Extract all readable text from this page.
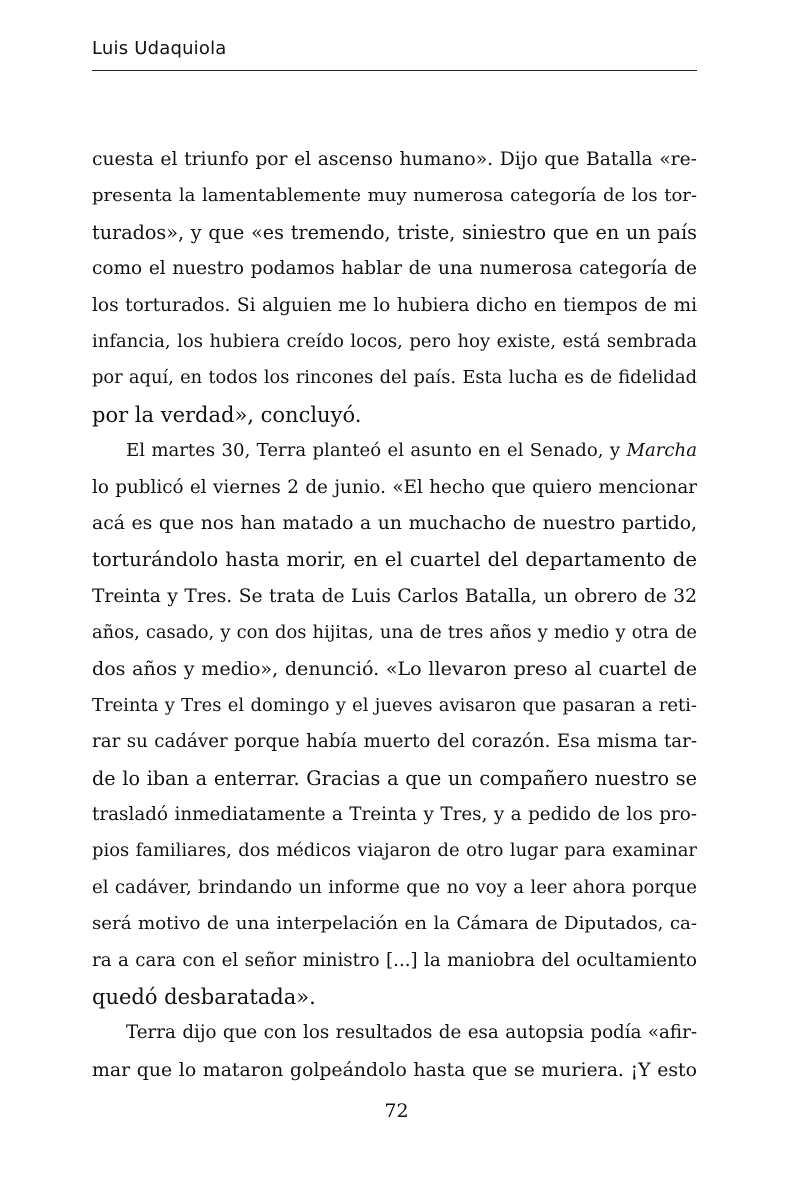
Luis Udaquiola
cuesta el triunfo por el ascenso humano». Dijo que Batalla «re-
presenta la lamentablemente muy numerosa categoría de los tor-
turados», y que «es tremendo, triste, siniestro que en un país
como el nuestro podamos hablar de una numerosa categoría de
los torturados. Si alguien me lo hubiera dicho en tiempos de mi
infancia, los hubiera creído locos, pero hoy existe, está sembrada
por aquí, en todos los rincones del país. Esta lucha es de fidelidad
por la verdad», concluyó.
El martes 30, Terra planteó el asunto en el Senado, y Marcha
lo publicó el viernes 2 de junio. «El hecho que quiero mencionar
acá es que nos han matado a un muchacho de nuestro partido,
torturándolo hasta morir, en el cuartel del departamento de
Treinta y Tres. Se trata de Luis Carlos Batalla, un obrero de 32
años, casado, y con dos hijitas, una de tres años y medio y otra de
dos años y medio», denunció. «Lo llevaron preso al cuartel de
Treinta y Tres el domingo y el jueves avisaron que pasaran a reti-
rar su cadáver porque había muerto del corazón. Esa misma tar-
de lo iban a enterrar. Gracias a que un compañero nuestro se
trasladó inmediatamente a Treinta y Tres, y a pedido de los pro-
pios familiares, dos médicos viajaron de otro lugar para examinar
el cadáver, brindando un informe que no voy a leer ahora porque
será motivo de una interpelación en la Cámara de Diputados, ca-
ra a cara con el señor ministro [...] la maniobra del ocultamiento
quedó desbaratada».
Terra dijo que con los resultados de esa autopsia podía «afir-
mar que lo mataron golpeándolo hasta que se muriera. ¡Y esto
72
